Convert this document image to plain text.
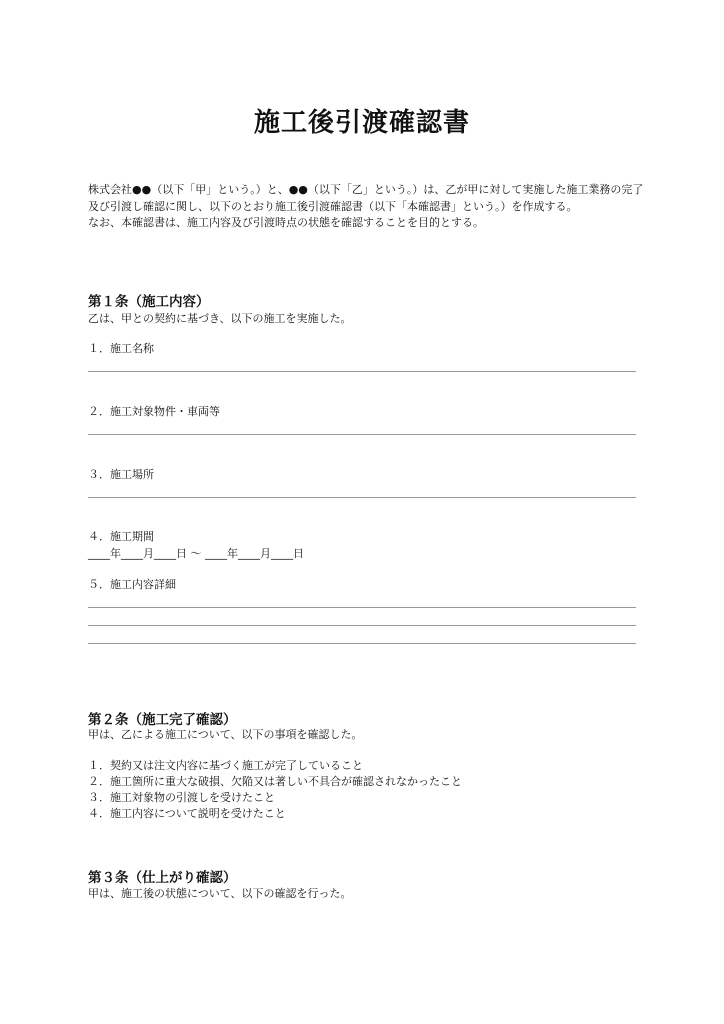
施工後引渡確認書

株式会社●●（以下「甲」という。）と、●●（以下「乙」という。）は、乙が甲に対して実施した施工業務の完了及び引渡し確認に関し、以下のとおり施工後引渡確認書（以下「本確認書」という。）を作成する。

なお、本確認書は、施工内容及び引渡時点の状態を確認することを目的とする。

第１条（施工内容）
乙は、甲との契約に基づき、以下の施工を実施した。
１．施工名称
２．施工対象物件・車両等
３．施工場所
４．施工期間
____年____月____日 ～ ____年____月____日
５．施工内容詳細
第２条（施工完了確認）
甲は、乙による施工について、以下の事項を確認した。
１．契約又は注文内容に基づく施工が完了していること
２．施工箇所に重大な破損、欠陥又は著しい不具合が確認されなかったこと
３．施工対象物の引渡しを受けたこと
４．施工内容について説明を受けたこと
第３条（仕上がり確認）
甲は、施工後の状態について、以下の確認を行った。
